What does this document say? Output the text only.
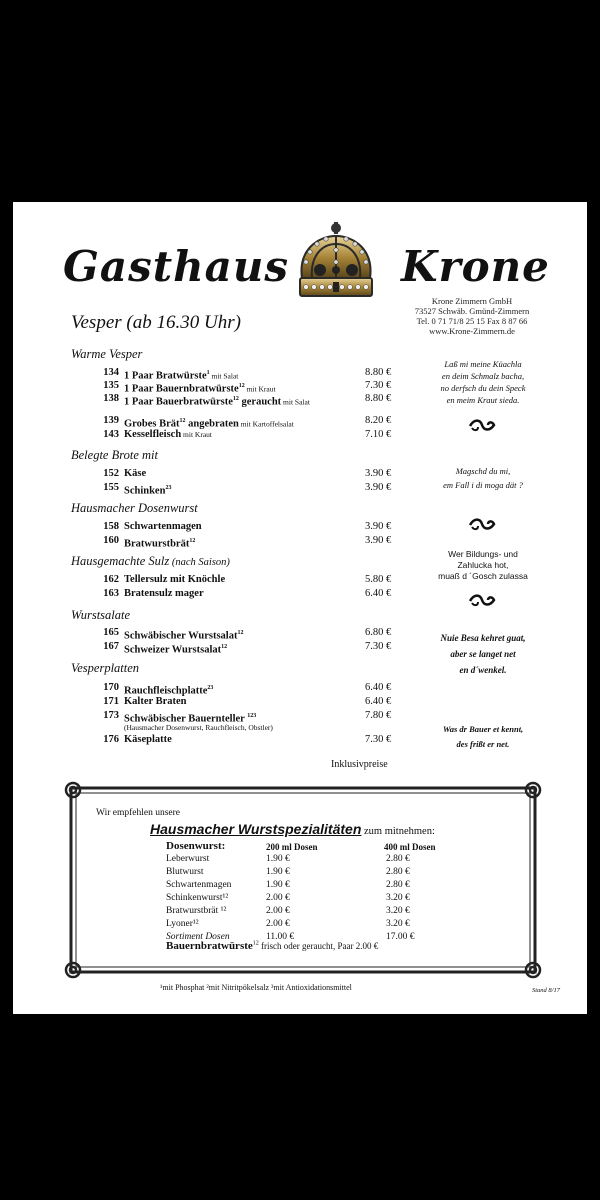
Gasthaus	Krone
Krone Zimmern GmbH
73527 Schwäb. Gmünd-Zimmern
Tel. 0 71 71/8 25 15 Fax 8 87 66
www.Krone-Zimmern.de
Vesper (ab 16.30 Uhr)
Warme Vesper
134 1 Paar Bratwürste$^1$ mit Salat	8.80 €
135 1 Paar Bauernbratwürste$^{12}$ mit Kraut	7.30 €
138 1 Paar Bauerbratwürste$^{12}$ geraucht mit Salat	8.80 €
139 Grobes Brät$^{12}$ angebraten mit Kartoffelsalat	8.20 €
143 Kesselfleisch mit Kraut	7.10 €
Belegte Brote mit
152 Käse	3.90 €
155 Schinken$^{23}$	3.90 €
Hausmacher Dosenwurst
158 Schwartenmagen	3.90 €
160 Bratwurstbrät$^{12}$	3.90 €
Hausgemachte Sulz (nach Saison)
162 Tellersulz mit Knöchle	5.80 €
163 Bratensulz mager	6.40 €
Wurstsalate
165 Schwäbischer Wurstsalat$^{12}$	6.80 €
167 Schweizer Wurstsalat$^{12}$	7.30 €
Vesperplatten
170 Rauchfleischplatte$^{23}$	6.40 €
171 Kalter Braten	6.40 €
173 Schwäbischer Bauernteller $^{123}$	7.80 €
176 Käseplatte	7.30 €
(Hausmacher Dosenwurst, Rauchfleisch, Obstler)
Inklusivpreise
Laß mi meine Küachla
en deim Schmalz bacha,
no derfsch du dein Speck
en meim Kraut sieda.
Magschd du mi,
em Fall i di moga dät ?
Wer Bildungs- und
Zahlucka hot,
muaß d ´Gosch zulassa
Nuie Besa kehret guat,
aber se langet net
en d´wenkel.
Was dr Bauer et kennt,
des frißt er net.
Wir empfehlen unsere
Hausmacher Wurstspezialitäten zum mitnehmen:
Dosenwurst:	200 ml Dosen	400 ml Dosen
Leberwurst	1.90 €	2.80 €
Blutwurst	1.90 €	2.80 €
Schwartenmagen	1.90 €	2.80 €
Schinkenwurst¹²	2.00 €	3.20 €
Bratwurstbrät ¹²	2.00 €	3.20 €
Lyoner¹²	2.00 €	3.20 €
Sortiment Dosen	11.00 €	17.00 €
Bauernbratwürste$^{12}$ frisch oder geraucht, Paar 2.00 €
¹mit Phosphat ²mit Nitritpökelsalz ³mit Antioxidationsmittel	Stand 8/17
